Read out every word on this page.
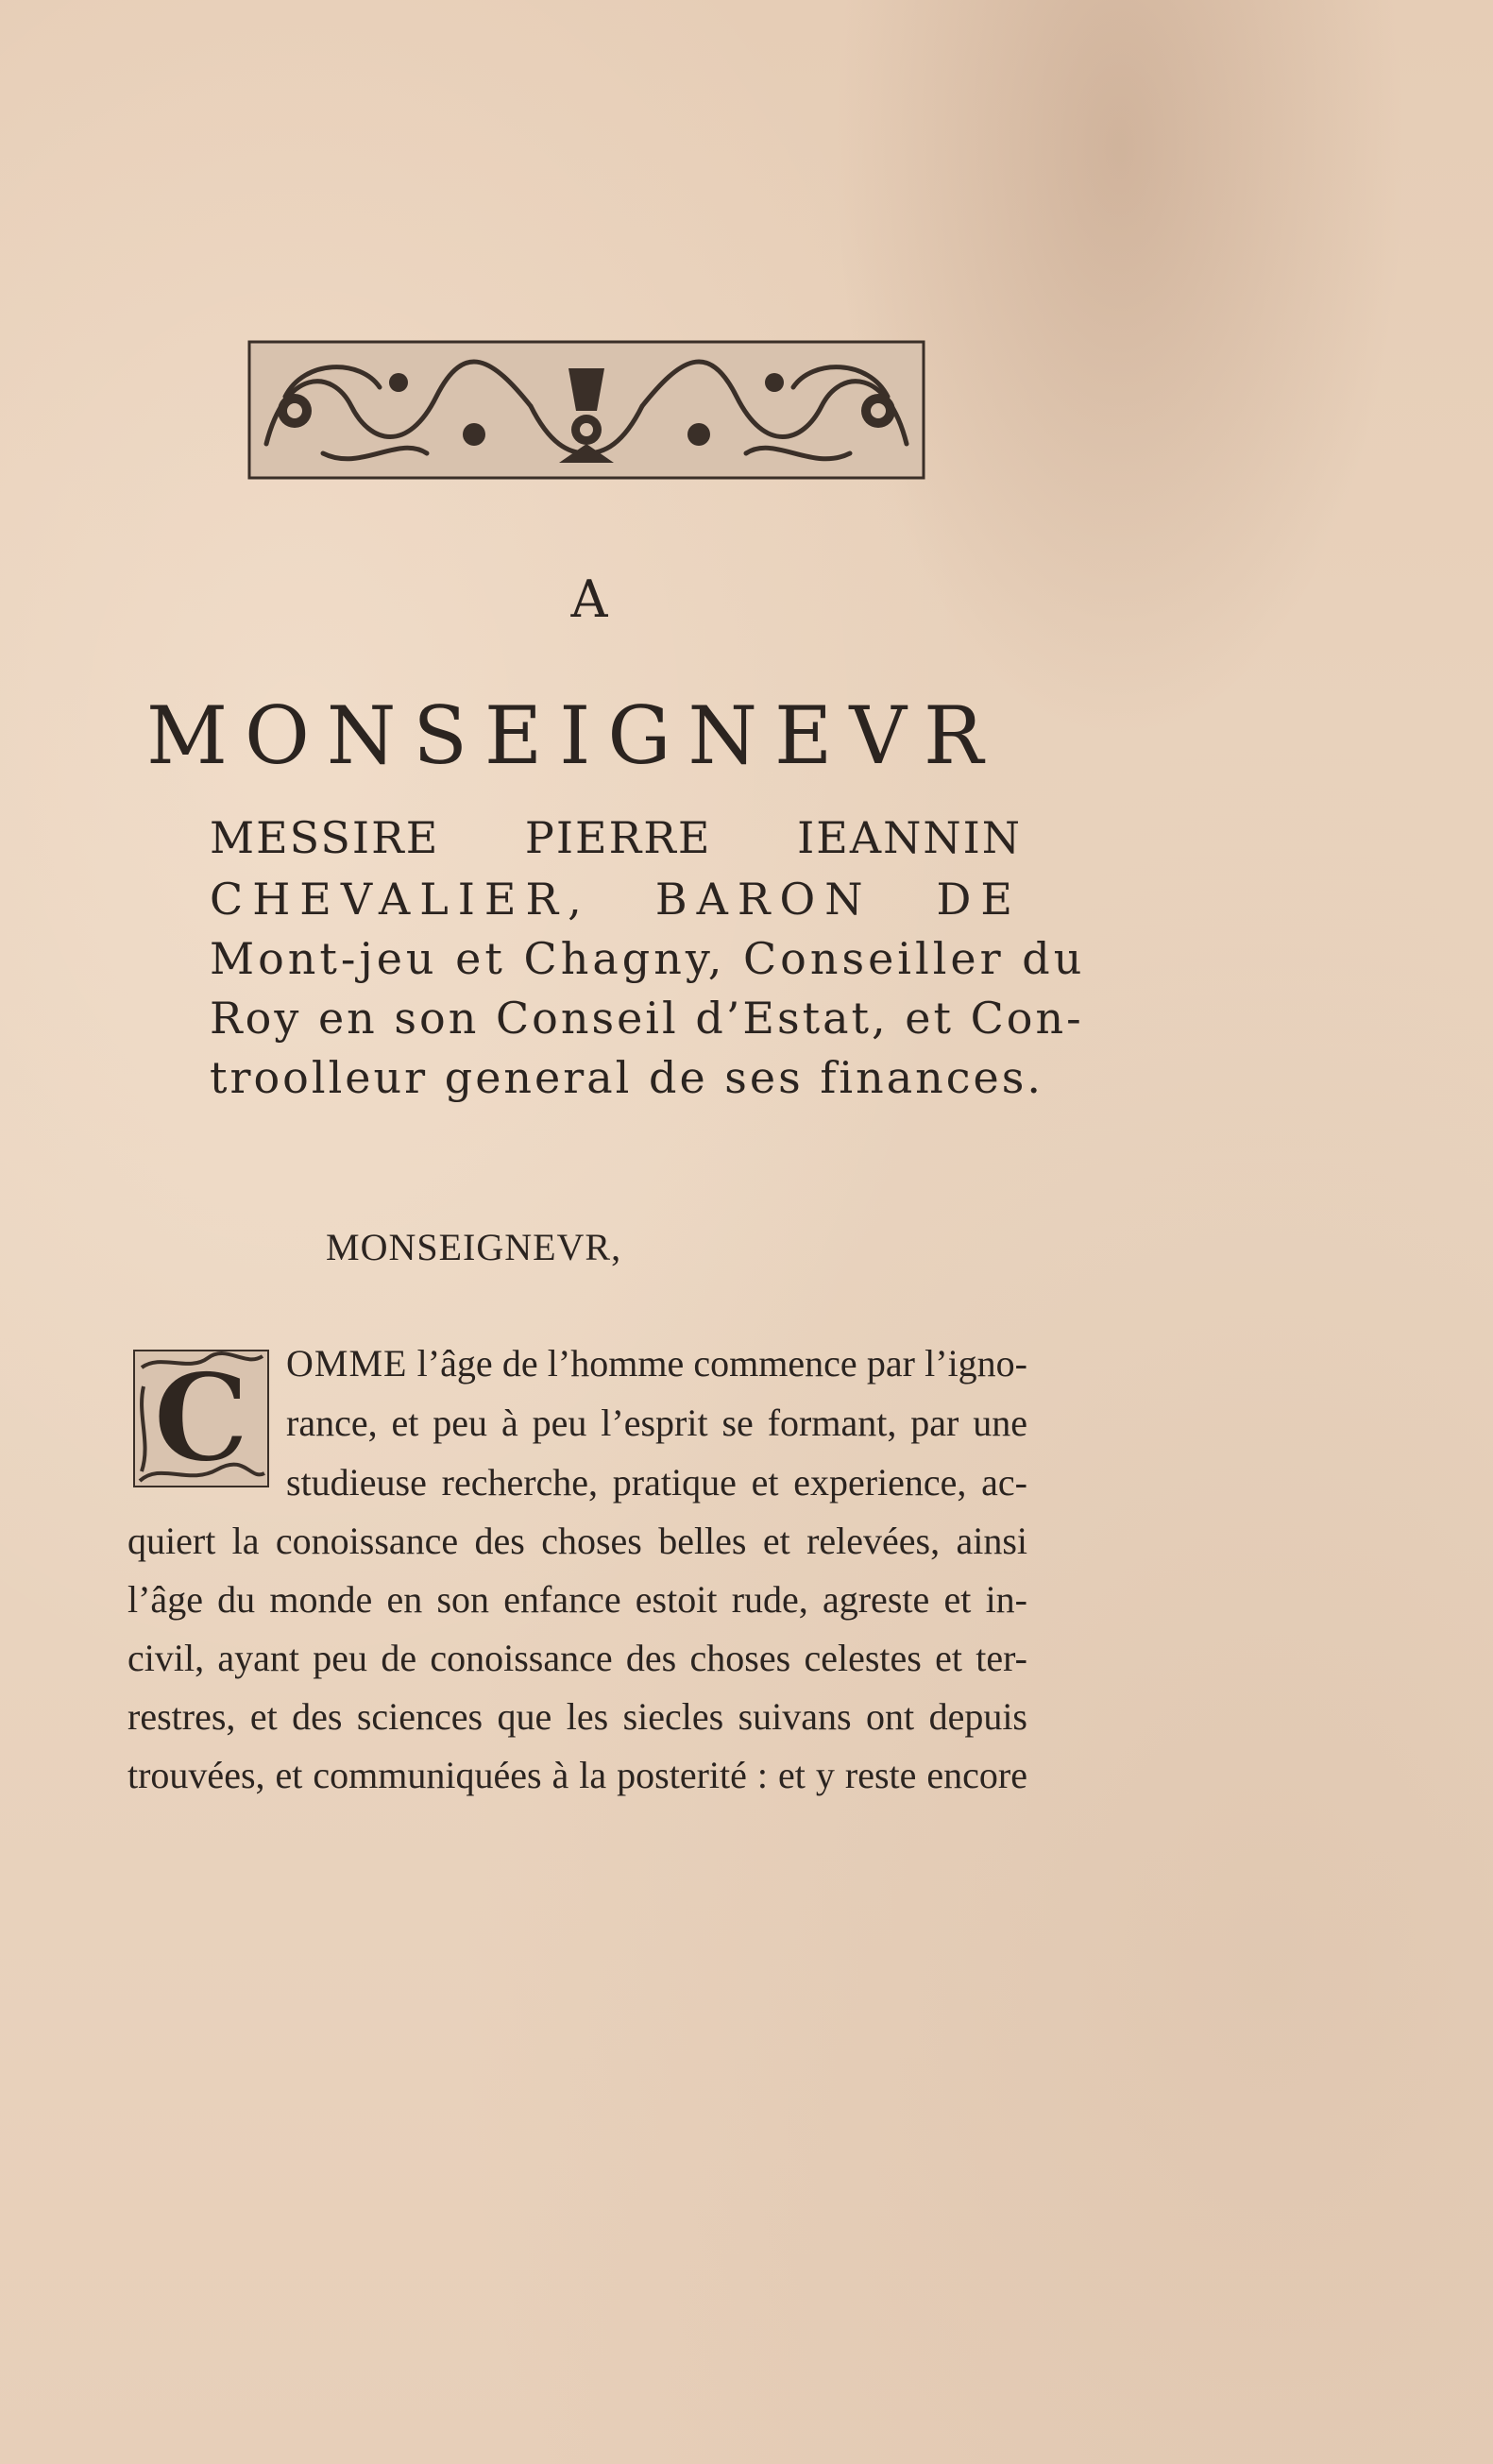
A
MONSEIGNEVR
MESSIRE PIERRE IEANNIN
CHEVALIER, BARON DE
Mont-jeu et Chagny, Conseiller du
Roy en son Conseil d’Estat, et Con-
troolleur general de ses finances.
MONSEIGNEVR,
C OMME l’âge de l’homme commence par l’igno-
rance, et peu à peu l’esprit se formant, par une
studieuse recherche, pratique et experience, ac-
quiert la conoissance des choses belles et relevées, ainsi
l’âge du monde en son enfance estoit rude, agreste et in-
civil, ayant peu de conoissance des choses celestes et ter-
restres, et des sciences que les siecles suivans ont depuis
trouvées, et communiquées à la posterité : et y reste encore
